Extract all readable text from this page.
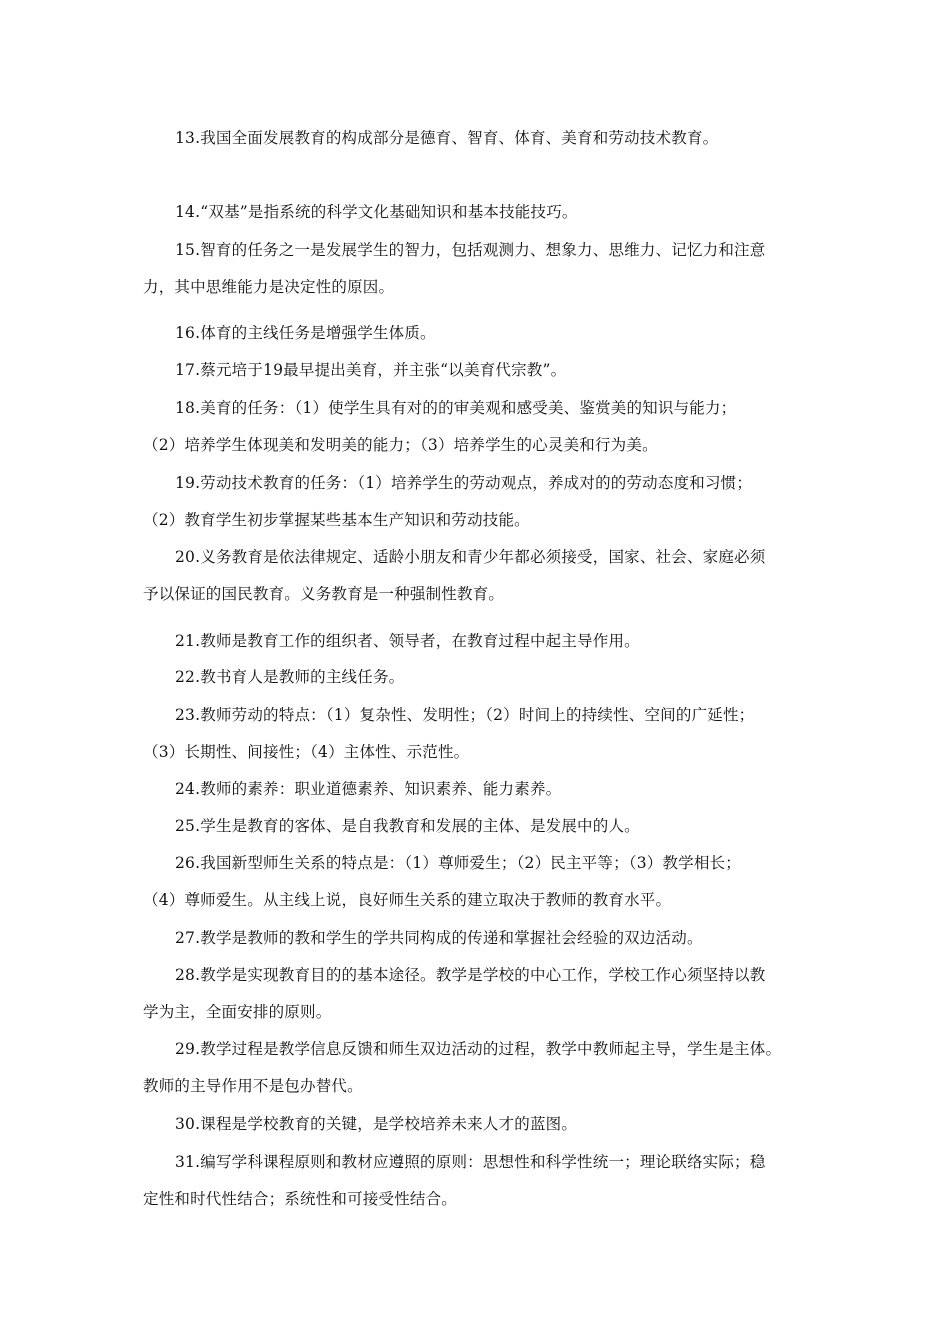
13.我国全面发展教育的构成部分是德育、智育、体育、美育和劳动技术教育。
14.“双基”是指系统的科学文化基础知识和基本技能技巧。
15.智育的任务之一是发展学生的智力，包括观测力、想象力、思维力、记忆力和注意
力，其中思维能力是决定性的原因。
16.体育的主线任务是增强学生体质。
17.蔡元培于19最早提出美育，并主张“以美育代宗教”。
18.美育的任务：（1）使学生具有对的的审美观和感受美、鉴赏美的知识与能力；
（2）培养学生体现美和发明美的能力；（3）培养学生的心灵美和行为美。
19.劳动技术教育的任务：（1）培养学生的劳动观点，养成对的的劳动态度和习惯；
（2）教育学生初步掌握某些基本生产知识和劳动技能。
20.义务教育是依法律规定、适龄小朋友和青少年都必须接受，国家、社会、家庭必须
予以保证的国民教育。义务教育是一种强制性教育。
21.教师是教育工作的组织者、领导者，在教育过程中起主导作用。
22.教书育人是教师的主线任务。
23.教师劳动的特点：（1）复杂性、发明性；（2）时间上的持续性、空间的广延性；
（3）长期性、间接性；（4）主体性、示范性。
24.教师的素养：职业道德素养、知识素养、能力素养。
25.学生是教育的客体、是自我教育和发展的主体、是发展中的人。
26.我国新型师生关系的特点是：（1）尊师爱生；（2）民主平等；（3）教学相长；
（4）尊师爱生。从主线上说，良好师生关系的建立取决于教师的教育水平。
27.教学是教师的教和学生的学共同构成的传递和掌握社会经验的双边活动。
28.教学是实现教育目的的基本途径。教学是学校的中心工作，学校工作心须坚持以教
学为主，全面安排的原则。
29.教学过程是教学信息反馈和师生双边活动的过程，教学中教师起主导，学生是主体。
教师的主导作用不是包办替代。
30.课程是学校教育的关键，是学校培养未来人才的蓝图。
31.编写学科课程原则和教材应遵照的原则：思想性和科学性统一；理论联络实际；稳
定性和时代性结合；系统性和可接受性结合。
